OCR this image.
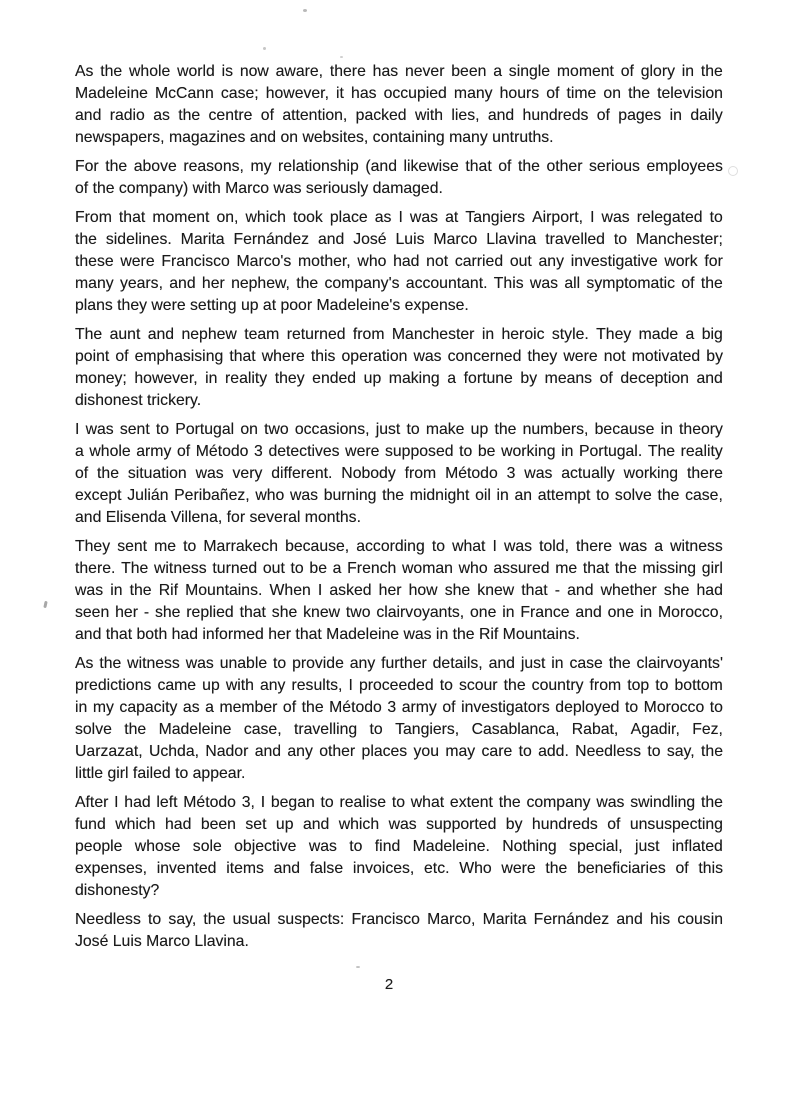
As the whole world is now aware, there has never been a single moment of glory in the
Madeleine McCann case; however, it has occupied many hours of time on the television
and radio as the centre of attention, packed with lies, and hundreds of pages in daily
newspapers, magazines and on websites, containing many untruths.
For the above reasons, my relationship (and likewise that of the other serious employees
of the company) with Marco was seriously damaged.
From that moment on, which took place as I was at Tangiers Airport, I was relegated to
the sidelines. Marita Fernández and José Luis Marco Llavina travelled to Manchester;
these were Francisco Marco's mother, who had not carried out any investigative work for
many years, and her nephew, the company's accountant. This was all symptomatic of the
plans they were setting up at poor Madeleine's expense.
The aunt and nephew team returned from Manchester in heroic style. They made a big
point of emphasising that where this operation was concerned they were not motivated by
money; however, in reality they ended up making a fortune by means of deception and
dishonest trickery.
I was sent to Portugal on two occasions, just to make up the numbers, because in theory
a whole army of Método 3 detectives were supposed to be working in Portugal. The reality
of the situation was very different. Nobody from Método 3 was actually working there
except Julián Peribañez, who was burning the midnight oil in an attempt to solve the case,
and Elisenda Villena, for several months.
They sent me to Marrakech because, according to what I was told, there was a witness
there. The witness turned out to be a French woman who assured me that the missing girl
was in the Rif Mountains. When I asked her how she knew that - and whether she had
seen her - she replied that she knew two clairvoyants, one in France and one in Morocco,
and that both had informed her that Madeleine was in the Rif Mountains.
As the witness was unable to provide any further details, and just in case the clairvoyants'
predictions came up with any results, I proceeded to scour the country from top to bottom
in my capacity as a member of the Método 3 army of investigators deployed to Morocco to
solve the Madeleine case, travelling to Tangiers, Casablanca, Rabat, Agadir, Fez,
Uarzazat, Uchda, Nador and any other places you may care to add. Needless to say, the
little girl failed to appear.
After I had left Método 3, I began to realise to what extent the company was swindling the
fund which had been set up and which was supported by hundreds of unsuspecting
people whose sole objective was to find Madeleine. Nothing special, just inflated
expenses, invented items and false invoices, etc. Who were the beneficiaries of this
dishonesty?
Needless to say, the usual suspects: Francisco Marco, Marita Fernández and his cousin
José Luis Marco Llavina.
2
